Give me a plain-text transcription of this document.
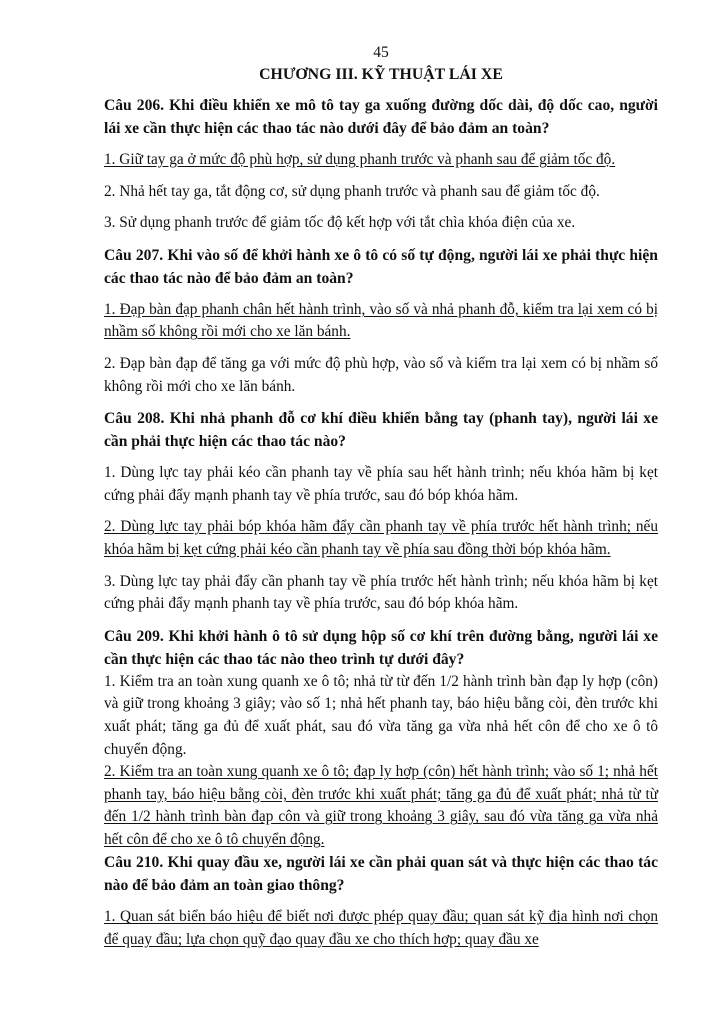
45

CHƯƠNG III. KỸ THUẬT LÁI XE

Câu 206. Khi điều khiển xe mô tô tay ga xuống đường dốc dài, độ dốc cao, người lái xe cần thực hiện các thao tác nào dưới đây để bảo đảm an toàn?

1. Giữ tay ga ở mức độ phù hợp, sử dụng phanh trước và phanh sau để giảm tốc độ.

2. Nhả hết tay ga, tắt động cơ, sử dụng phanh trước và phanh sau để giảm tốc độ.

3. Sử dụng phanh trước để giảm tốc độ kết hợp với tắt chìa khóa điện của xe.

Câu 207. Khi vào số để khởi hành xe ô tô có số tự động, người lái xe phải thực hiện các thao tác nào để bảo đảm an toàn?

1. Đạp bàn đạp phanh chân hết hành trình, vào số và nhả phanh đỗ, kiểm tra lại xem có bị nhầm số không rồi mới cho xe lăn bánh.

2. Đạp bàn đạp để tăng ga với mức độ phù hợp, vào số và kiểm tra lại xem có bị nhầm số không rồi mới cho xe lăn bánh.

Câu 208. Khi nhả phanh đỗ cơ khí điều khiển bằng tay (phanh tay), người lái xe cần phải thực hiện các thao tác nào?

1. Dùng lực tay phải kéo cần phanh tay về phía sau hết hành trình; nếu khóa hãm bị kẹt cứng phải đẩy mạnh phanh tay về phía trước, sau đó bóp khóa hãm.

2. Dùng lực tay phải bóp khóa hãm đẩy cần phanh tay về phía trước hết hành trình; nếu khóa hãm bị kẹt cứng phải kéo cần phanh tay về phía sau đồng thời bóp khóa hãm.

3. Dùng lực tay phải đẩy cần phanh tay về phía trước hết hành trình; nếu khóa hãm bị kẹt cứng phải đẩy mạnh phanh tay về phía trước, sau đó bóp khóa hãm.

Câu 209. Khi khởi hành ô tô sử dụng hộp số cơ khí trên đường bằng, người lái xe cần thực hiện các thao tác nào theo trình tự dưới đây?

1. Kiểm tra an toàn xung quanh xe ô tô; nhả từ từ đến 1/2 hành trình bàn đạp ly hợp (côn) và giữ trong khoảng 3 giây; vào số 1; nhả hết phanh tay, báo hiệu bằng còi, đèn trước khi xuất phát; tăng ga đủ để xuất phát, sau đó vừa tăng ga vừa nhả hết côn để cho xe ô tô chuyển động.

2. Kiểm tra an toàn xung quanh xe ô tô; đạp ly hợp (côn) hết hành trình; vào số 1; nhả hết phanh tay, báo hiệu bằng còi, đèn trước khi xuất phát; tăng ga đủ để xuất phát; nhả từ từ đến 1/2 hành trình bàn đạp côn và giữ trong khoảng 3 giây, sau đó vừa tăng ga vừa nhả hết côn để cho xe ô tô chuyển động.

Câu 210. Khi quay đầu xe, người lái xe cần phải quan sát và thực hiện các thao tác nào để bảo đảm an toàn giao thông?

1. Quan sát biển báo hiệu để biết nơi được phép quay đầu; quan sát kỹ địa hình nơi chọn để quay đầu; lựa chọn quỹ đạo quay đầu xe cho thích hợp; quay đầu xe
